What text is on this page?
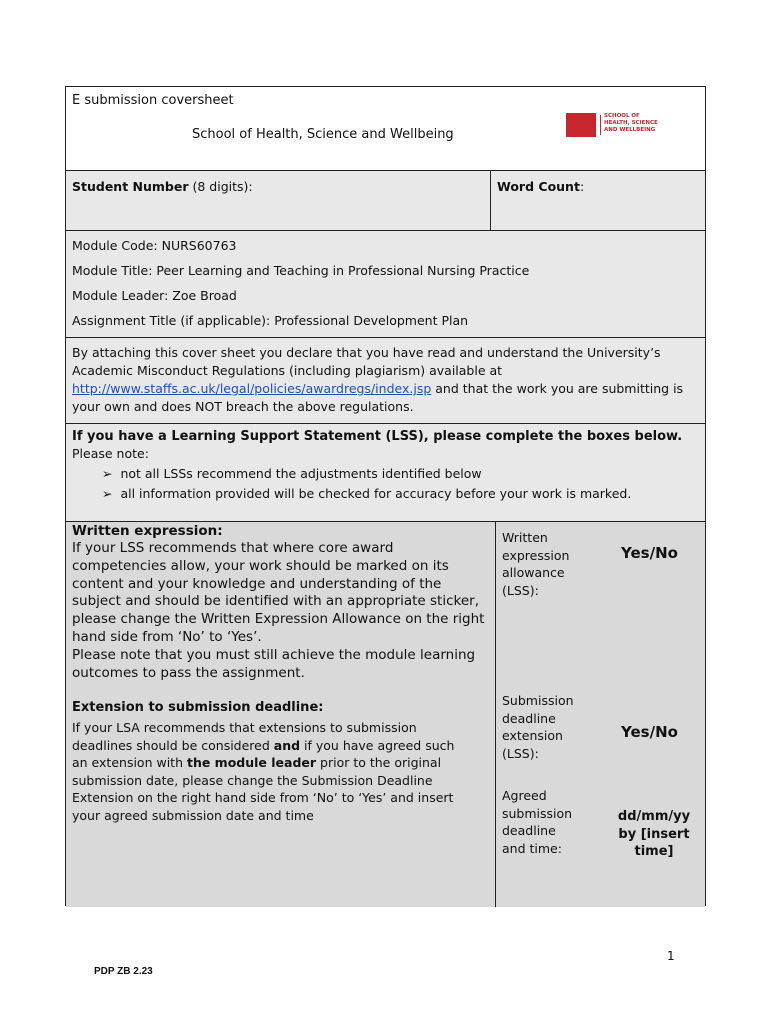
E submission coversheet
School of Health, Science and Wellbeing
SCHOOL OF
HEALTH, SCIENCE
AND WELLBEING
Student Number (8 digits):	Word Count:
Module Code: NURS60763
Module Title: Peer Learning and Teaching in Professional Nursing Practice
Module Leader: Zoe Broad
Assignment Title (if applicable): Professional Development Plan
By attaching this cover sheet you declare that you have read and understand the University’s
Academic Misconduct Regulations (including plagiarism) available at
http://www.staffs.ac.uk/legal/policies/awardregs/index.jsp and that the work you are submitting is
your own and does NOT breach the above regulations.
If you have a Learning Support Statement (LSS), please complete the boxes below.
Please note:
➢ not all LSSs recommend the adjustments identified below
➢ all information provided will be checked for accuracy before your work is marked.
Written expression:
If your LSS recommends that where core award
competencies allow, your work should be marked on its
content and your knowledge and understanding of the
subject and should be identified with an appropriate sticker,
please change the Written Expression Allowance on the right
hand side from ‘No’ to ‘Yes’.
Please note that you must still achieve the module learning
outcomes to pass the assignment.
Extension to submission deadline:
If your LSA recommends that extensions to submission
deadlines should be considered and if you have agreed such
an extension with the module leader prior to the original
submission date, please change the Submission Deadline
Extension on the right hand side from ‘No’ to ‘Yes’ and insert
your agreed submission date and time
Written
expression
allowance
(LSS):
Yes/No
Submission
deadline
extension
(LSS):
Yes/No
Agreed
submission
deadline
and time:
dd/mm/yy
by [insert
time]
1
PDP ZB 2.23
